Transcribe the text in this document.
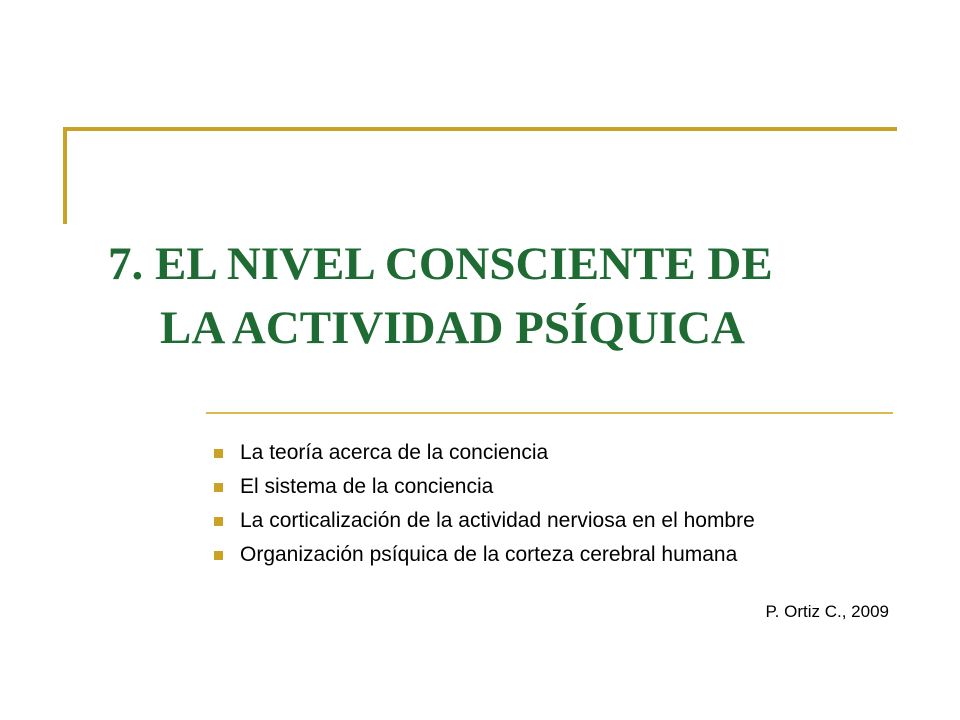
7. EL NIVEL CONSCIENTE DE
LA ACTIVIDAD PSÍQUICA
La teoría acerca de la conciencia
El sistema de la conciencia
La corticalización de la actividad nerviosa en el hombre
Organización psíquica de la corteza cerebral humana
P. Ortiz C., 2009
